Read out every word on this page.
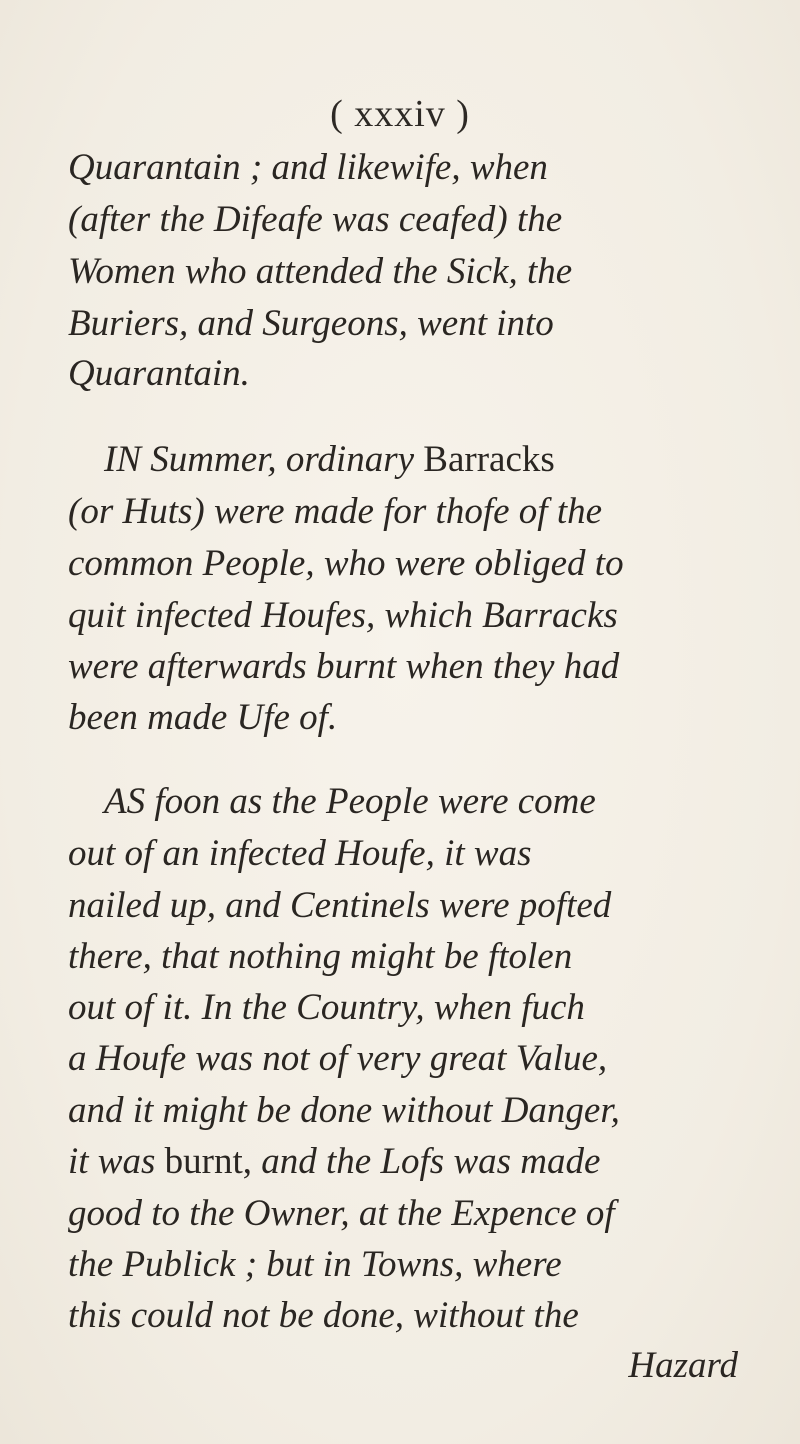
( xxxiv )
Quarantain ; and likewife, when
(after the Difeafe was ceafed) the
Women who attended the Sick, the
Buriers, and Surgeons, went into
Quarantain.
IN Summer, ordinary Barracks
(or Huts) were made for thofe of the
common People, who were obliged to
quit infected Houfes, which Barracks
were afterwards burnt when they had
been made Ufe of.
AS foon as the People were come
out of an infected Houfe, it was
nailed up, and Centinels were pofted
there, that nothing might be ftolen
out of it. In the Country, when fuch
a Houfe was not of very great Value,
and it might be done without Danger,
it was burnt, and the Lofs was made
good to the Owner, at the Expence of
the Publick ; but in Towns, where
this could not be done, without the
Hazard
